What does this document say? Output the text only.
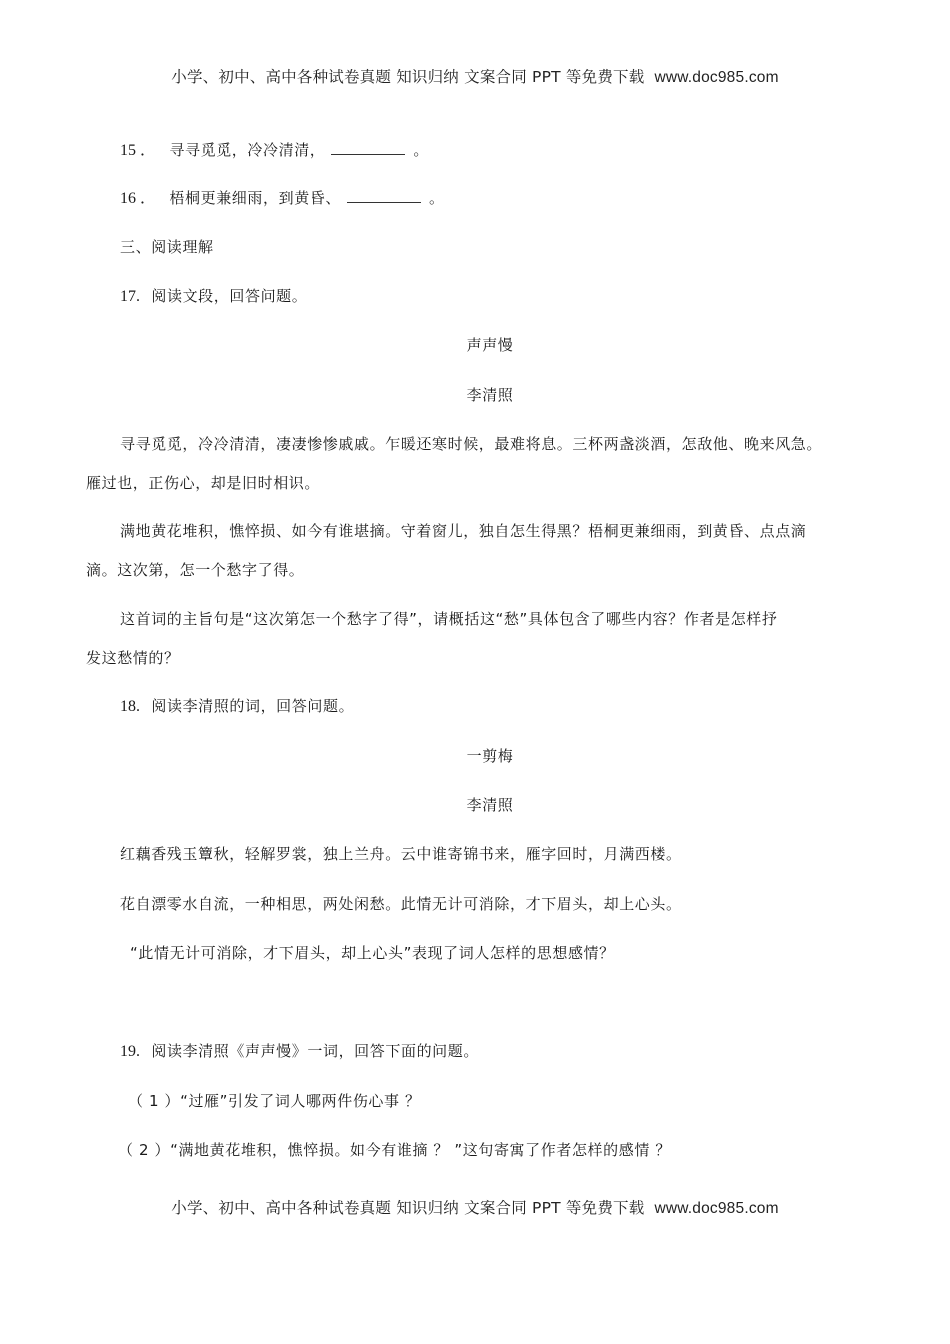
小学、初中、高中各种试卷真题 知识归纳 文案合同 PPT 等免费下载 www.doc985.com
15 ． 寻寻觅觅，冷冷清清，	。
16 ． 梧桐更兼细雨，到黄昏、	。
三、阅读理解
17. 阅读文段，回答问题。
声声慢
李清照
寻寻觅觅，冷冷清清，凄凄惨惨戚戚。乍暖还寒时候，最难将息。三杯两盏淡酒，怎敌他、晚来风急。
雁过也，正伤心，却是旧时相识。
满地黄花堆积，憔悴损、如今有谁堪摘。守着窗儿，独自怎生得黑？梧桐更兼细雨，到黄昏、点点滴
滴。这次第，怎一个愁字了得。
这首词的主旨句是“这次第怎一个愁字了得”，请概括这“愁”具体包含了哪些内容？作者是怎样抒
发这愁情的？
18. 阅读李清照的词，回答问题。
一剪梅
李清照
红藕香残玉簟秋，轻解罗裳，独上兰舟。云中谁寄锦书来，雁字回时，月满西楼。
花自漂零水自流，一种相思，两处闲愁。此情无计可消除，才下眉头，却上心头。
“此情无计可消除，才下眉头，却上心头”表现了词人怎样的思想感情？
19. 阅读李清照《声声慢》一词，回答下面的问题。
（ 1 ）“过雁”引发了词人哪两件伤心事 ？
（ 2 ）“满地黄花堆积，憔悴损。如今有谁摘 ？ ”这句寄寓了作者怎样的感情 ？
小学、初中、高中各种试卷真题 知识归纳 文案合同 PPT 等免费下载 www.doc985.com
